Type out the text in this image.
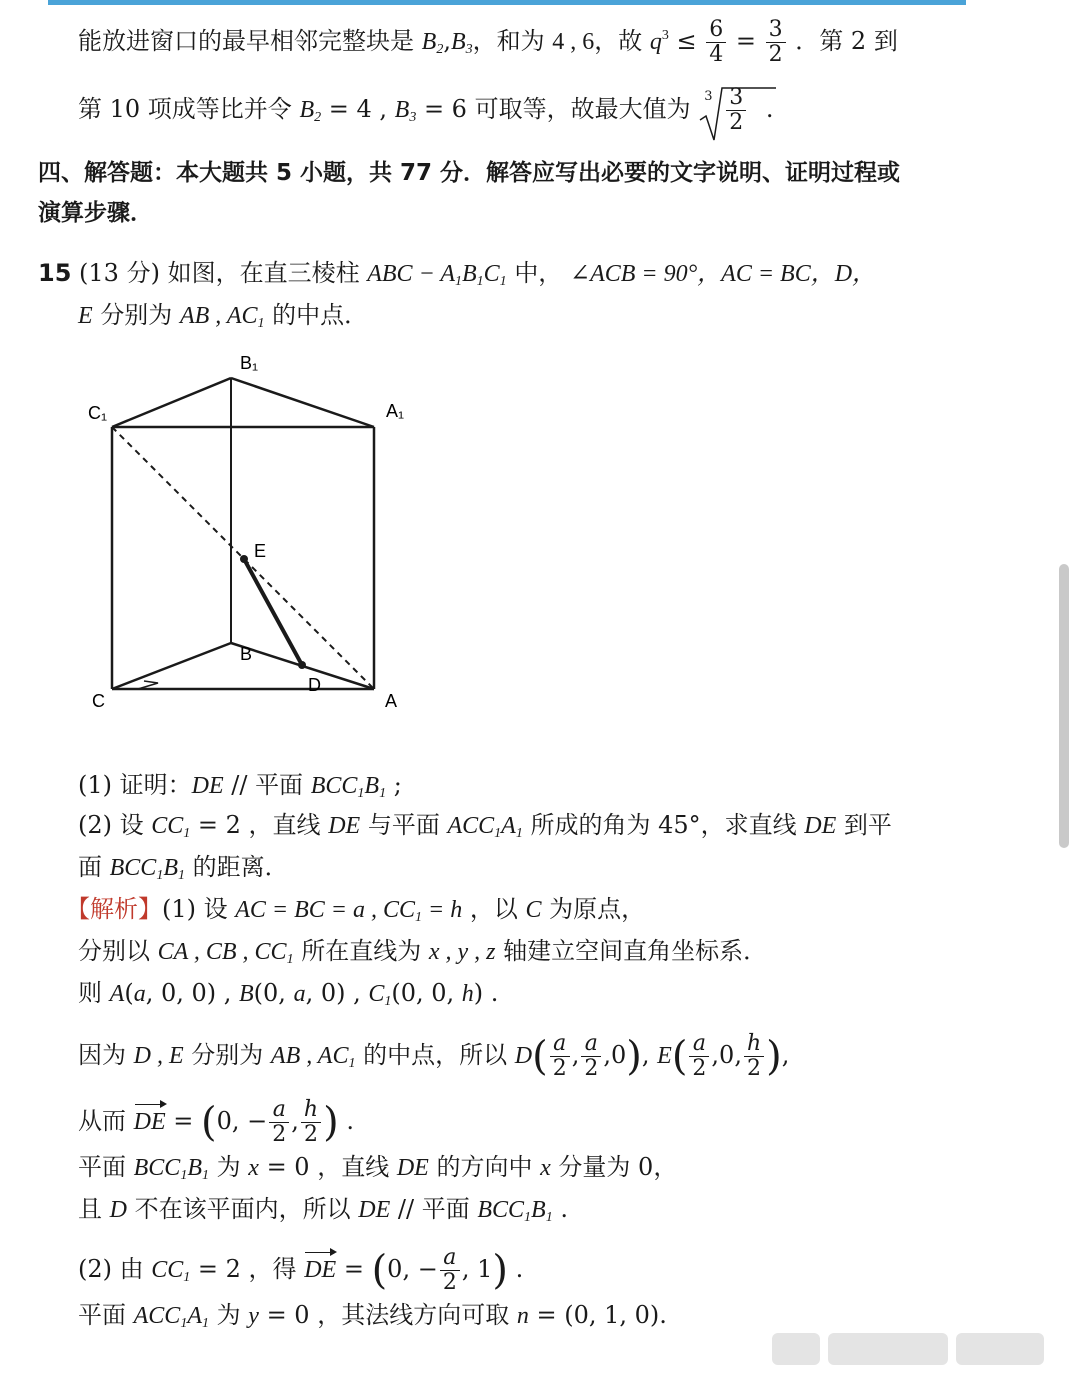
能放进窗口的最早相邻完整块是 $B_2,B_3$，和为 4 , 6，故 $q^3 \le \frac{6}{4} = \frac{3}{2}$ ．第 2 到
第 10 项成等比并令 $B_2 = 4$ , $B_3 = 6$ 可取等，故最大值为 $3 \frac{3}{2}$ .
四、解答题：本大题共 5 小题，共 77 分．解答应写出必要的文字说明、证明过程或
演算步骤．
15 (13 分) 如图，在直三棱柱 ABC − $A_1B_1C_1$ 中， ∠ACB = 90°，AC = BC，D，
E 分别为 AB , $AC_1$ 的中点．
B₁
C₁	A₁
E
B
D
C	A
(1) 证明：DE // 平面 $BCC_1B_1$ ;
(2) 设 $CC_1 = 2$ ，直线 DE 与平面 $ACC_1A_1$ 所成的角为 45°，求直线 DE 到平
面 $BCC_1B_1$ 的距离．
【解析】(1) 设 AC = BC = a , $CC_1 = h$ ，以 C 为原点，
分别以 CA , CB , $CC_1$ 所在直线为 x , y , z 轴建立空间直角坐标系．
则 A(a, 0, 0) , B(0, a, 0) , $C_1(0$, 0, h) .
因为 D , E 分别为 AB , $AC_1$ 的中点，所以 $D( \frac{a}{2}$ , $\frac{a}{2} ,0$), $E( \frac{a}{2} ,0$, $\frac{h}{2}$ ),
从而 DE = (0, − $\frac{a}{2}$ , $\frac{h}{2}$ ) .
平面 $BCC_1B_1$ 为 x = 0 ，直线 DE 的方向中 x 分量为 0，
且 D 不在该平面内，所以 DE // 平面 $BCC_1B_1$ .
(2) 由 $CC_1 = 2$ ，得 DE = (0, − $\frac{a}{2}$ , 1) .
平面 $ACC_1A_1$ 为 y = 0 ，其法线方向可取 n = (0, 1, 0).
